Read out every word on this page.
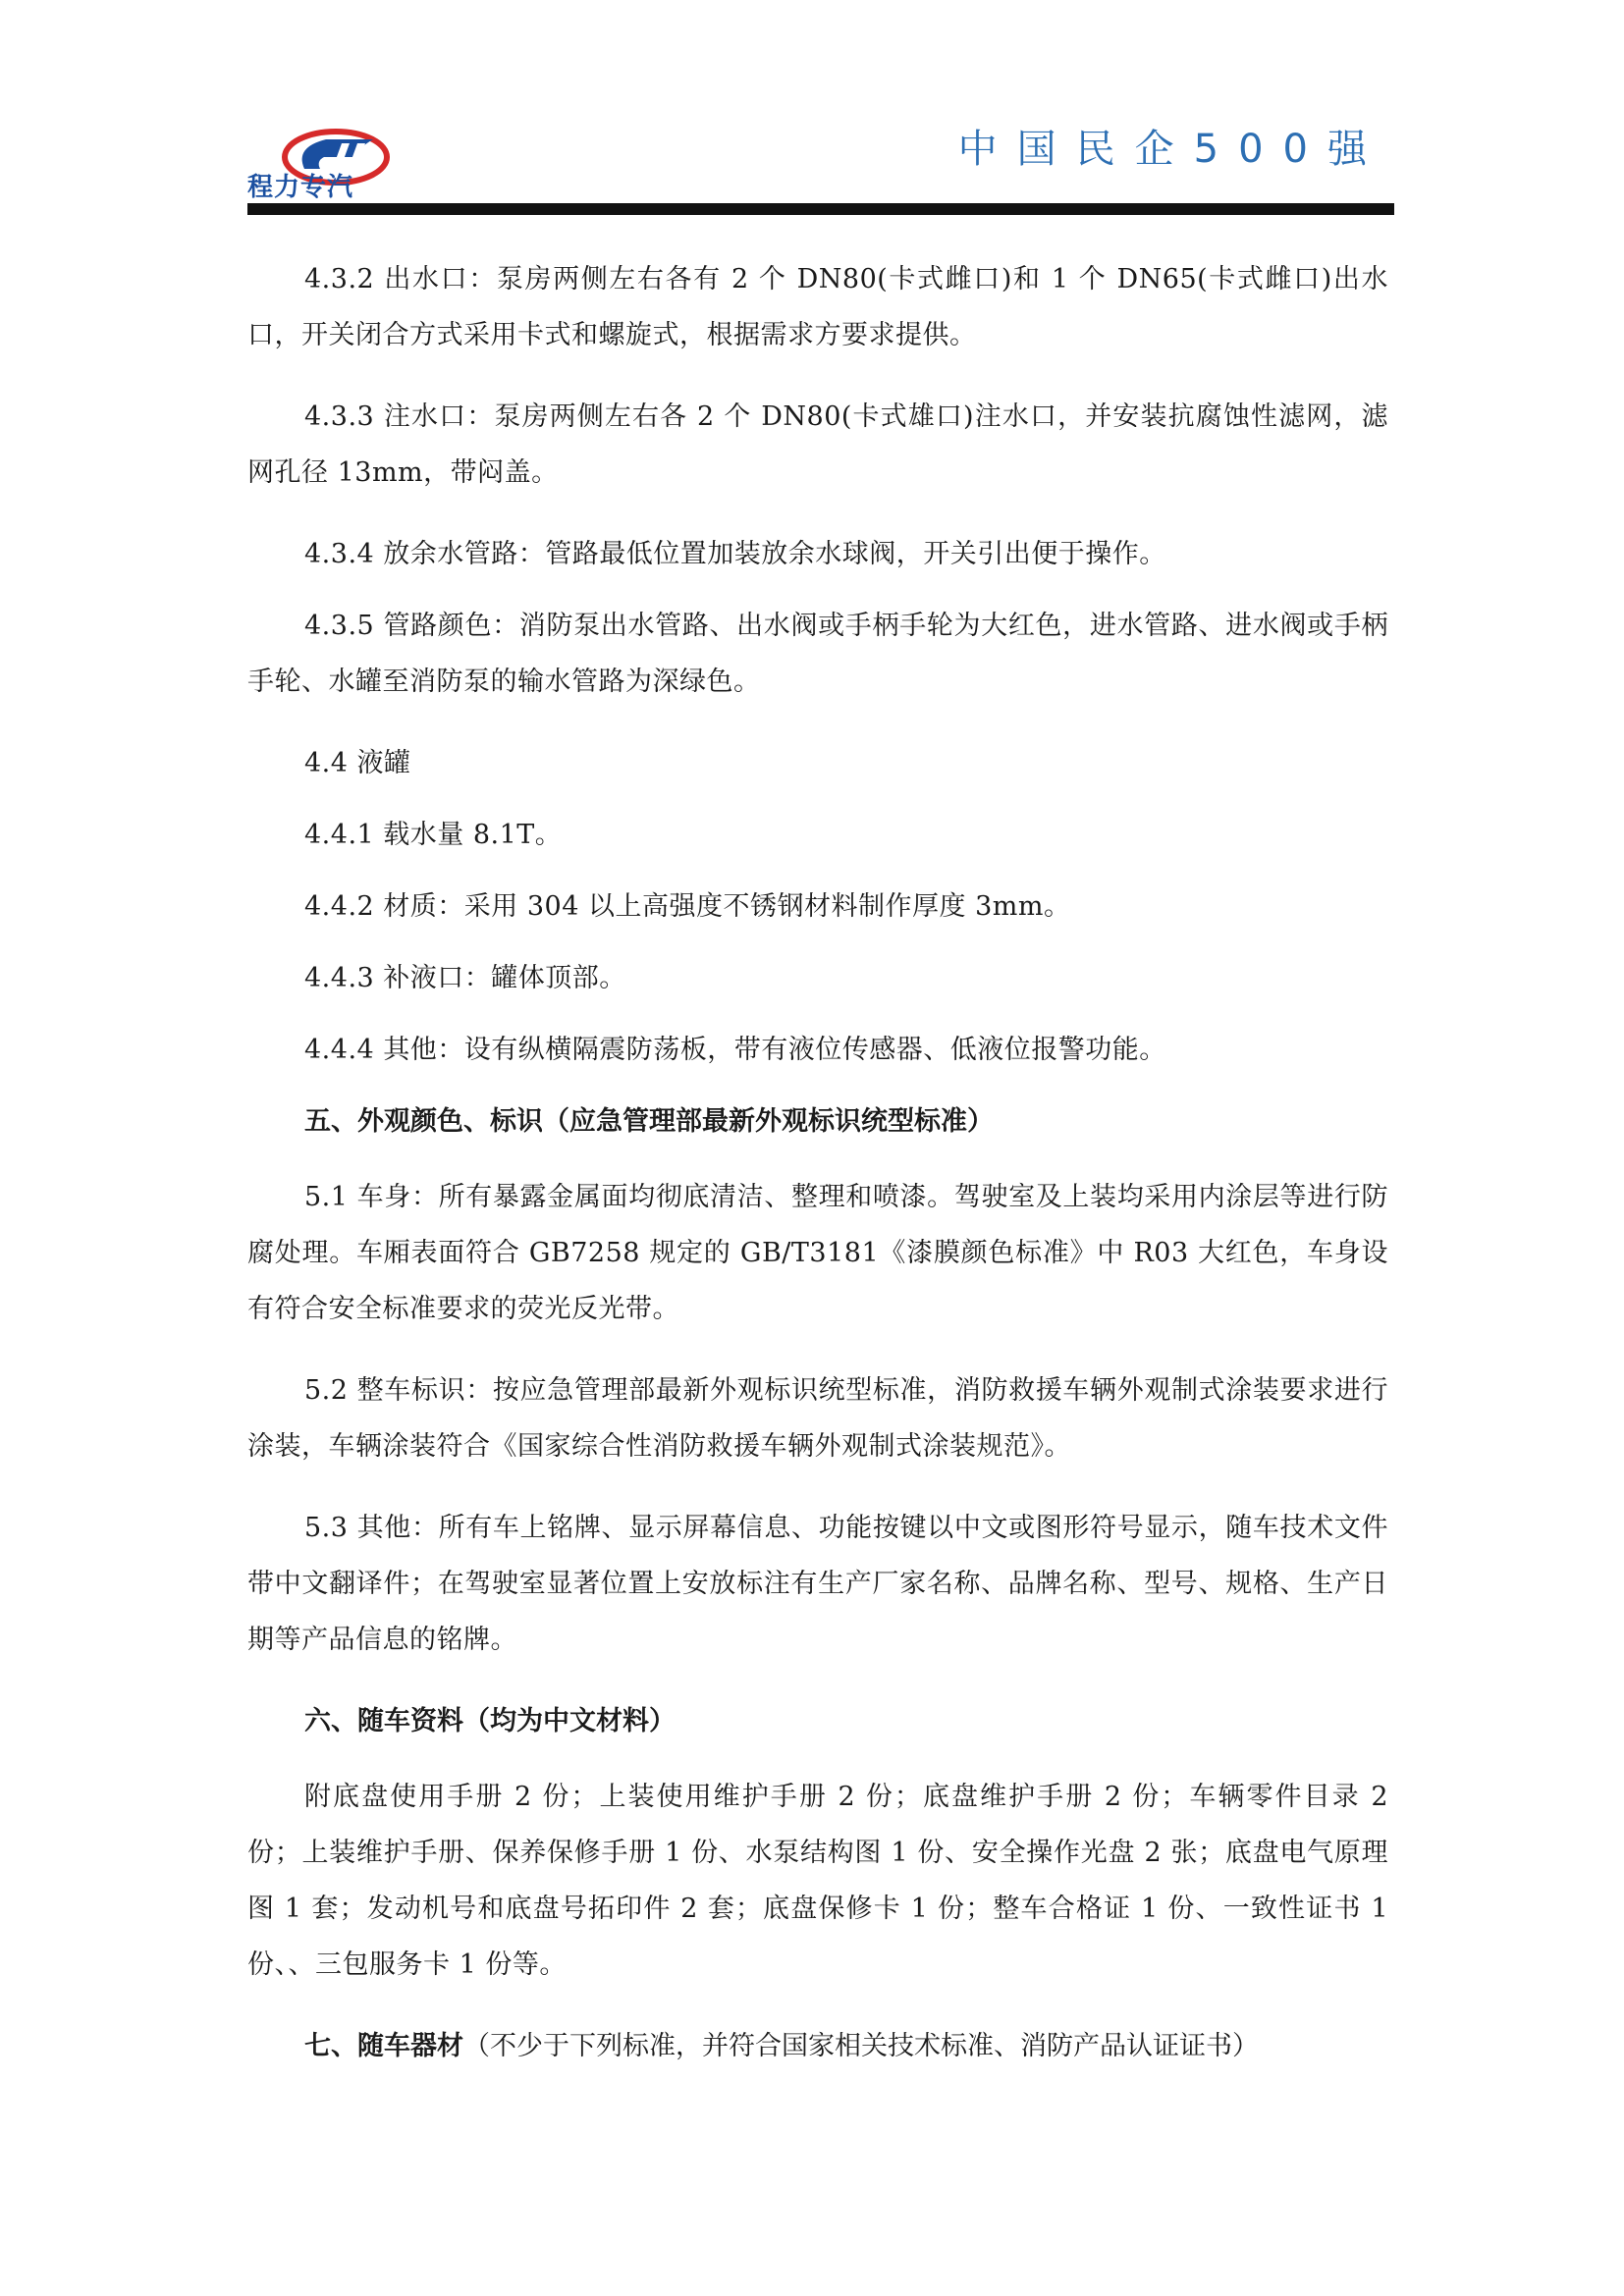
程力专汽
中国民企500强

4.3.2 出水口：泵房两侧左右各有 2 个 DN80(卡式雌口)和 1 个 DN65(卡式雌口)出水口，开关闭合方式采用卡式和螺旋式，根据需求方要求提供。

4.3.3 注水口：泵房两侧左右各 2 个 DN80(卡式雄口)注水口，并安装抗腐蚀性滤网，滤网孔径 13mm，带闷盖。

4.3.4 放余水管路：管路最低位置加装放余水球阀，开关引出便于操作。

4.3.5 管路颜色：消防泵出水管路、出水阀或手柄手轮为大红色，进水管路、进水阀或手柄手轮、水罐至消防泵的输水管路为深绿色。

4.4 液罐

4.4.1 载水量 8.1T。

4.4.2 材质：采用 304 以上高强度不锈钢材料制作厚度 3mm。

4.4.3 补液口：罐体顶部。

4.4.4 其他：设有纵横隔震防荡板，带有液位传感器、低液位报警功能。

五、外观颜色、标识（应急管理部最新外观标识统型标准）

5.1 车身：所有暴露金属面均彻底清洁、整理和喷漆。驾驶室及上装均采用内涂层等进行防腐处理。车厢表面符合 GB7258 规定的 GB/T3181《漆膜颜色标准》中 R03 大红色，车身设有符合安全标准要求的荧光反光带。

5.2 整车标识：按应急管理部最新外观标识统型标准，消防救援车辆外观制式涂装要求进行涂装，车辆涂装符合《国家综合性消防救援车辆外观制式涂装规范》。

5.3 其他：所有车上铭牌、显示屏幕信息、功能按键以中文或图形符号显示，随车技术文件带中文翻译件；在驾驶室显著位置上安放标注有生产厂家名称、品牌名称、型号、规格、生产日期等产品信息的铭牌。

六、随车资料（均为中文材料）

附底盘使用手册 2 份；上装使用维护手册 2 份；底盘维护手册 2 份；车辆零件目录 2 份；上装维护手册、保养保修手册 1 份、水泵结构图 1 份、安全操作光盘 2 张；底盘电气原理图 1 套；发动机号和底盘号拓印件 2 套；底盘保修卡 1 份；整车合格证 1 份、一致性证书 1 份、、三包服务卡 1 份等。

七、随车器材（不少于下列标准，并符合国家相关技术标准、消防产品认证证书）
